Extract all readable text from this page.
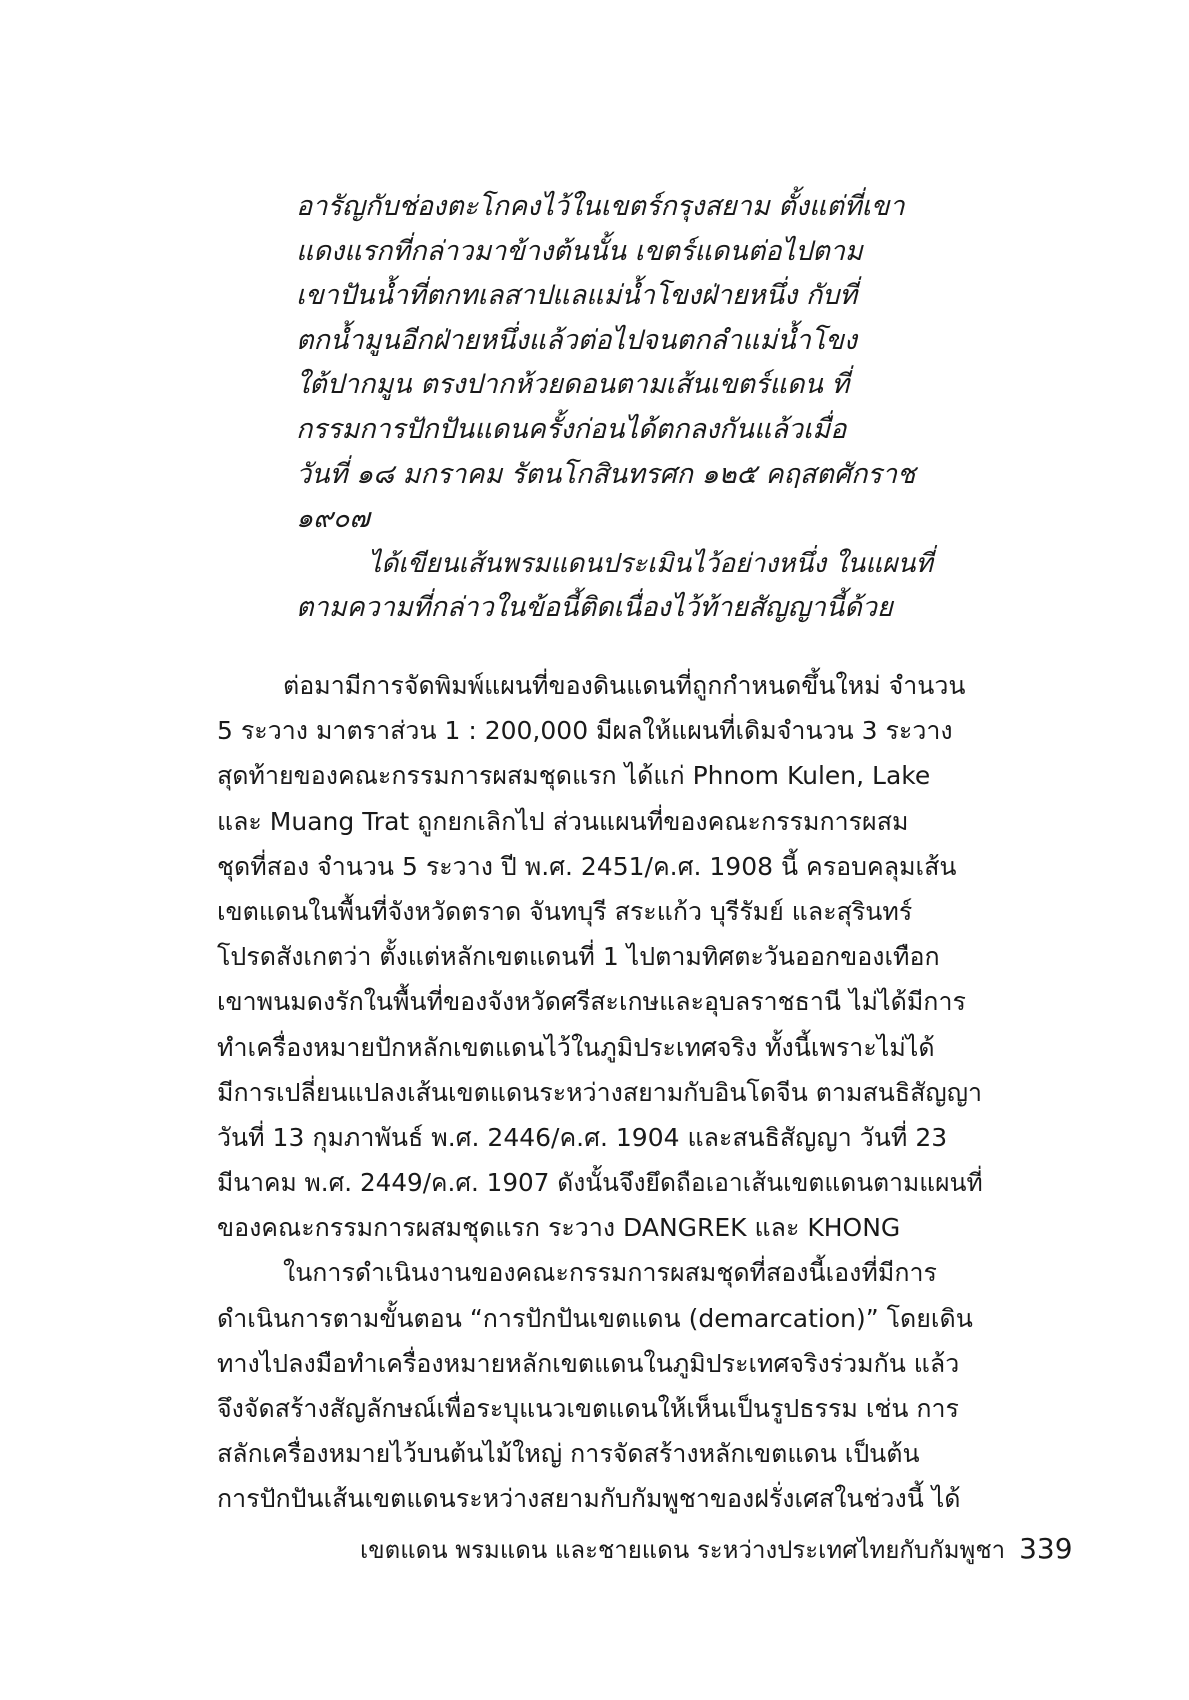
อารัญกับช่องตะโกคงไว้ในเขตร์กรุงสยาม ตั้งแต่ที่เขา
แดงแรกที่กล่าวมาข้างต้นนั้น เขตร์แดนต่อไปตาม
เขาปันน้ำที่ตกทเลสาปแลแม่น้ำโขงฝ่ายหนึ่ง กับที่
ตกน้ำมูนอีกฝ่ายหนึ่งแล้วต่อไปจนตกลำแม่น้ำโขง
ใต้ปากมูน ตรงปากห้วยดอนตามเส้นเขตร์แดน ที่
กรรมการปักปันแดนครั้งก่อนได้ตกลงกันแล้วเมื่อ
วันที่ ๑๘ มกราคม รัตนโกสินทรศก ๑๒๕ คฤสตศักราช
๑๙๐๗
ได้เขียนเส้นพรมแดนประเมินไว้อย่างหนึ่ง ในแผนที่
ตามความที่กล่าวในข้อนี้ติดเนื่องไว้ท้ายสัญญานี้ด้วย
ต่อมามีการจัดพิมพ์แผนที่ของดินแดนที่ถูกกำหนดขึ้นใหม่ จำนวน
5 ระวาง มาตราส่วน 1 : 200,000 มีผลให้แผนที่เดิมจำนวน 3 ระวาง
สุดท้ายของคณะกรรมการผสมชุดแรก ได้แก่ Phnom Kulen, Lake
และ Muang Trat ถูกยกเลิกไป ส่วนแผนที่ของคณะกรรมการผสม
ชุดที่สอง จำนวน 5 ระวาง ปี พ.ศ. 2451/ค.ศ. 1908 นี้ ครอบคลุมเส้น
เขตแดนในพื้นที่จังหวัดตราด จันทบุรี สระแก้ว บุรีรัมย์ และสุรินทร์
โปรดสังเกตว่า ตั้งแต่หลักเขตแดนที่ 1 ไปตามทิศตะวันออกของเทือก
เขาพนมดงรักในพื้นที่ของจังหวัดศรีสะเกษและอุบลราชธานี ไม่ได้มีการ
ทำเครื่องหมายปักหลักเขตแดนไว้ในภูมิประเทศจริง ทั้งนี้เพราะไม่ได้
มีการเปลี่ยนแปลงเส้นเขตแดนระหว่างสยามกับอินโดจีน ตามสนธิสัญญา
วันที่ 13 กุมภาพันธ์ พ.ศ. 2446/ค.ศ. 1904 และสนธิสัญญา วันที่ 23
มีนาคม พ.ศ. 2449/ค.ศ. 1907 ดังนั้นจึงยึดถือเอาเส้นเขตแดนตามแผนที่
ของคณะกรรมการผสมชุดแรก ระวาง DANGREK และ KHONG
ในการดำเนินงานของคณะกรรมการผสมชุดที่สองนี้เองที่มีการ
ดำเนินการตามขั้นตอน “การปักปันเขตแดน (demarcation)” โดยเดิน
ทางไปลงมือทำเครื่องหมายหลักเขตแดนในภูมิประเทศจริงร่วมกัน แล้ว
จึงจัดสร้างสัญลักษณ์เพื่อระบุแนวเขตแดนให้เห็นเป็นรูปธรรม เช่น การ
สลักเครื่องหมายไว้บนต้นไม้ใหญ่ การจัดสร้างหลักเขตแดน เป็นต้น
การปักปันเส้นเขตแดนระหว่างสยามกับกัมพูชาของฝรั่งเศสในช่วงนี้ ได้
เขตแดน พรมแดน และชายแดน ระหว่างประเทศไทยกับกัมพูชา 339
